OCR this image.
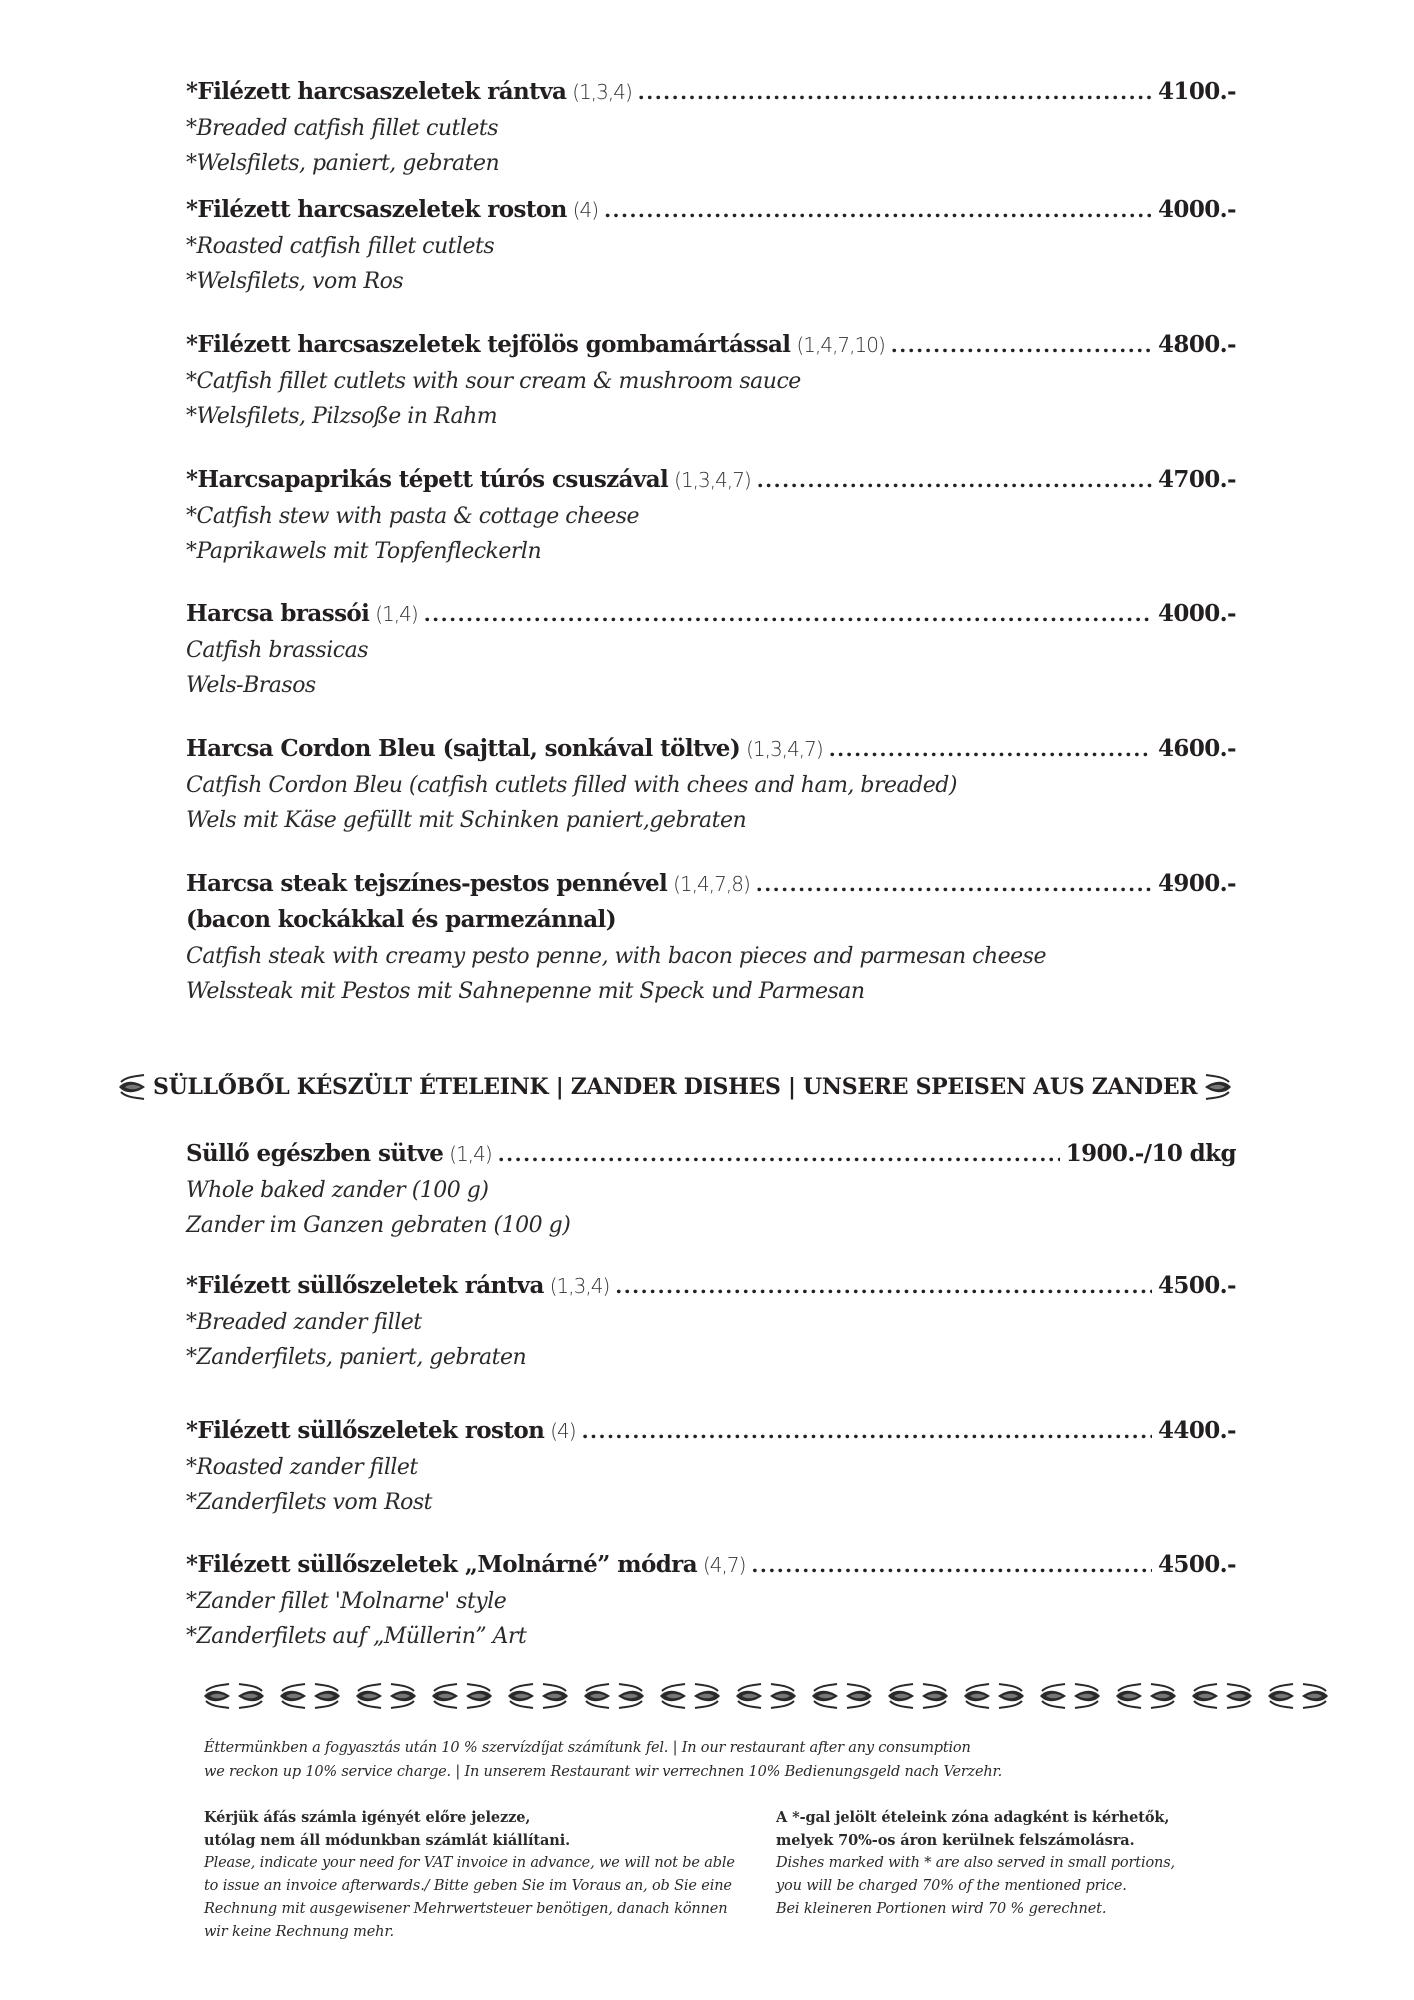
*Filézett harcsaszeletek rántva (1,3,4) .....	4100.-
*Breaded catfish fillet cutlets
*Welsfilets, paniert, gebraten
*Filézett harcsaszeletek roston (4) .....	4000.-
*Roasted catfish fillet cutlets
*Welsfilets, vom Ros
*Filézett harcsaszeletek tejfölös gombamártással (1,4,7,10) .....	4800.-
*Catfish fillet cutlets with sour cream & mushroom sauce
*Welsfilets, Pilzsoße in Rahm
*Harcsapaprikás tépett túrós csuszával (1,3,4,7) .....	4700.-
*Catfish stew with pasta & cottage cheese
*Paprikawels mit Topfenfleckerln
Harcsa brassói (1,4) .....	4000.-
Catfish brassicas
Wels-Brasos
Harcsa Cordon Bleu (sajttal, sonkával töltve) (1,3,4,7) .....	4600.-
Catfish Cordon Bleu (catfish cutlets filled with chees and ham, breaded)
Wels mit Käse gefüllt mit Schinken paniert,gebraten
Harcsa steak tejszínes-pestos pennével (1,4,7,8) .....	4900.-
(bacon kockákkal és parmezánnal)
Catfish steak with creamy pesto penne, with bacon pieces and parmesan cheese
Welssteak mit Pestos mit Sahnepenne mit Speck und Parmesan
SÜLLŐBŐL KÉSZÜLT ÉTELEINK | ZANDER DISHES | UNSERE SPEISEN AUS ZANDER
Süllő egészben sütve (1,4) .....	1900.-/10 dkg
Whole baked zander (100 g)
Zander im Ganzen gebraten (100 g)
*Filézett süllőszeletek rántva (1,3,4) .....	4500.-
*Breaded zander fillet
*Zanderfilets, paniert, gebraten
*Filézett süllőszeletek roston (4) .....	4400.-
*Roasted zander fillet
*Zanderfilets vom Rost
*Filézett süllőszeletek „Molnárné” módra (4,7) .....	4500.-
*Zander fillet 'Molnarne' style
*Zanderfilets auf „Müllerin” Art
Éttermünkben a fogyasztás után 10 % szervízdíjat számítunk fel. | In our restaurant after any consumption
we reckon up 10% service charge. | In unserem Restaurant wir verrechnen 10% Bedienungsgeld nach Verzehr.
Kérjük áfás számla igényét előre jelezze,
utólag nem áll módunkban számlát kiállítani.
Please, indicate your need for VAT invoice in advance, we will not be able
to issue an invoice afterwards./ Bitte geben Sie im Voraus an, ob Sie eine
Rechnung mit ausgewisener Mehrwertsteuer benötigen, danach können
wir keine Rechnung mehr.
A *-gal jelölt ételeink zóna adagként is kérhetők,
melyek 70%-os áron kerülnek felszámolásra.
Dishes marked with * are also served in small portions,
you will be charged 70% of the mentioned price.
Bei kleineren Portionen wird 70 % gerechnet.
